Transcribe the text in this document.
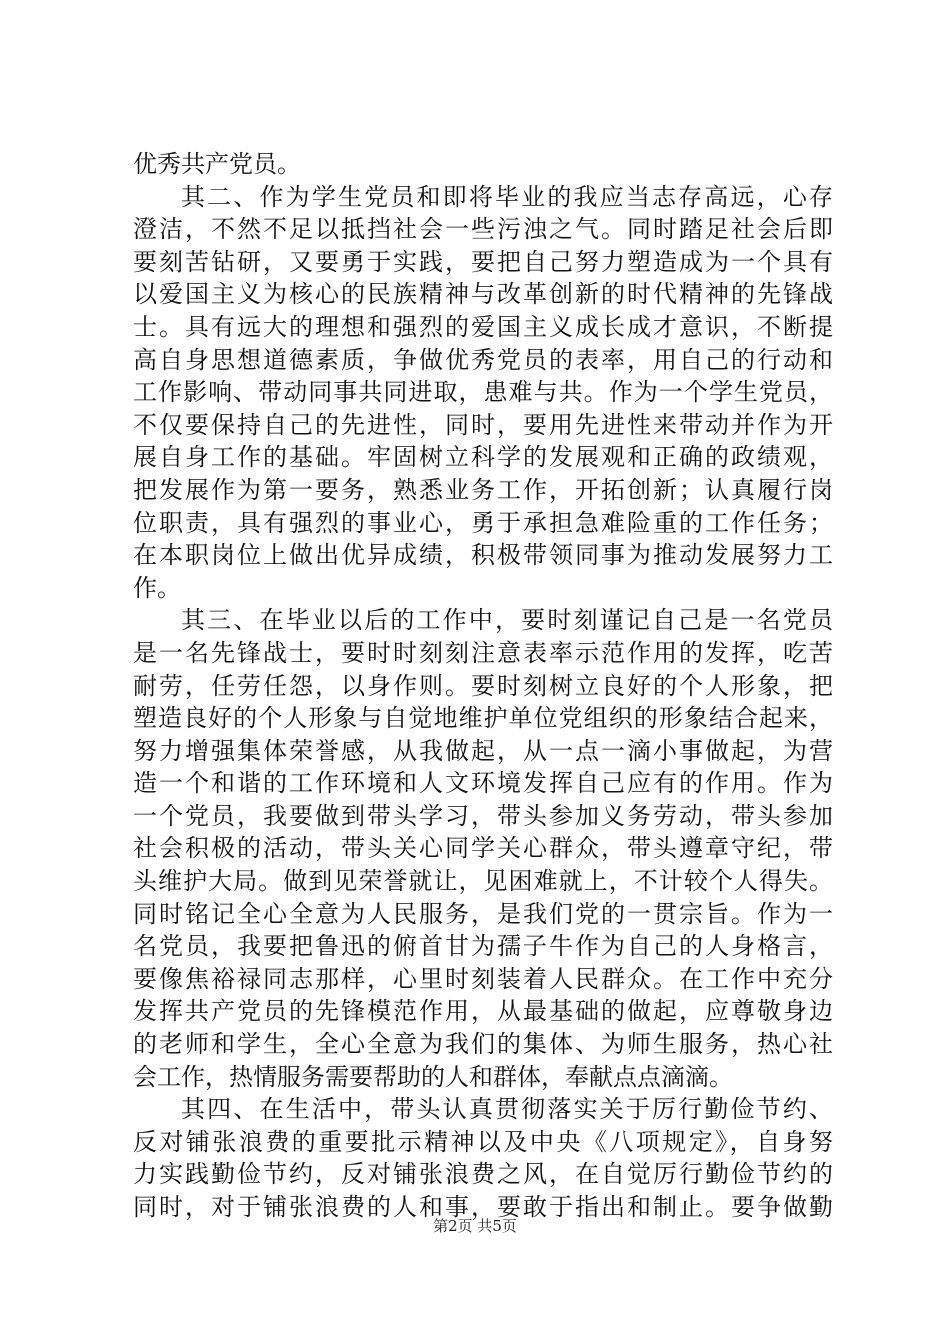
优秀共产党员。
其二、作为学生党员和即将毕业的我应当志存高远，心存
澄洁，不然不足以抵挡社会一些污浊之气。同时踏足社会后即
要刻苦钻研，又要勇于实践，要把自己努力塑造成为一个具有
以爱国主义为核心的民族精神与改革创新的时代精神的先锋战
士。具有远大的理想和强烈的爱国主义成长成才意识，不断提
高自身思想道德素质，争做优秀党员的表率，用自己的行动和
工作影响、带动同事共同进取，患难与共。作为一个学生党员，
不仅要保持自己的先进性，同时，要用先进性来带动并作为开
展自身工作的基础。牢固树立科学的发展观和正确的政绩观，
把发展作为第一要务，熟悉业务工作，开拓创新；认真履行岗
位职责，具有强烈的事业心，勇于承担急难险重的工作任务；
在本职岗位上做出优异成绩，积极带领同事为推动发展努力工
作。
其三、在毕业以后的工作中，要时刻谨记自己是一名党员
是一名先锋战士，要时时刻刻注意表率示范作用的发挥，吃苦
耐劳，任劳任怨，以身作则。要时刻树立良好的个人形象，把
塑造良好的个人形象与自觉地维护单位党组织的形象结合起来，
努力增强集体荣誉感，从我做起，从一点一滴小事做起，为营
造一个和谐的工作环境和人文环境发挥自己应有的作用。作为
一个党员，我要做到带头学习，带头参加义务劳动，带头参加
社会积极的活动，带头关心同学关心群众，带头遵章守纪，带
头维护大局。做到见荣誉就让，见困难就上，不计较个人得失。
同时铭记全心全意为人民服务，是我们党的一贯宗旨。作为一
名党员，我要把鲁迅的俯首甘为孺子牛作为自己的人身格言，
要像焦裕禄同志那样，心里时刻装着人民群众。在工作中充分
发挥共产党员的先锋模范作用，从最基础的做起，应尊敬身边
的老师和学生，全心全意为我们的集体、为师生服务，热心社
会工作，热情服务需要帮助的人和群体，奉献点点滴滴。
其四、在生活中，带头认真贯彻落实关于厉行勤俭节约、
反对铺张浪费的重要批示精神以及中央《八项规定》，自身努
力实践勤俭节约，反对铺张浪费之风，在自觉厉行勤俭节约的
同时，对于铺张浪费的人和事，要敢于指出和制止。要争做勤
第2页 共5页
